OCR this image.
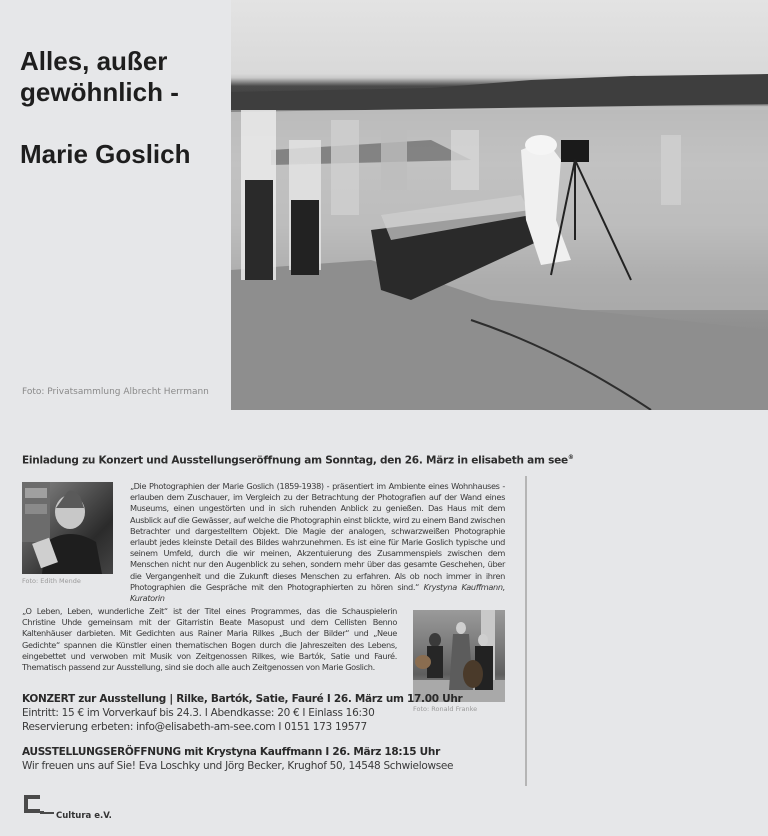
Alles, außer
gewöhnlich -
Marie Goslich
Foto: Privatsammlung Albrecht Herrmann
Einladung zu Konzert und Ausstellungseröffnung am Sonntag, den 26. März in elisabeth am see®
Foto: Edith Mende
„Die Photographien der Marie Goslich (1859-1938) - präsentiert im Ambiente eines Wohnhauses - erlauben dem Zuschauer, im Vergleich zu der Betrachtung der Photografien auf der Wand eines Museums, einen ungestörten und in sich ruhenden Anblick zu genießen. Das Haus mit dem Ausblick auf die Gewässer, auf welche die Photographin einst blickte, wird zu einem Band zwischen Betrachter und dargestelltem Objekt. Die Magie der analogen, schwarzweißen Photographie erlaubt jedes kleinste Detail des Bildes wahrzunehmen. Es ist eine für Marie Goslich typische und seinem Umfeld, durch die wir meinen, Akzentuierung des Zusammenspiels zwischen dem Menschen nicht nur den Augenblick zu sehen, sondern mehr über das gesamte Geschehen, über die Vergangenheit und die Zukunft dieses Menschen zu erfahren. Als ob noch immer in ihren Photographien die Gespräche mit den Photographierten zu hören sind.“ Krystyna Kauffmann, Kuratorin
„O Leben, Leben, wunderliche Zeit“ ist der Titel eines Programmes, das die Schauspielerin Christine Uhde gemeinsam mit der Gitarristin Beate Masopust und dem Cellisten Benno Kaltenhäuser darbieten. Mit Gedichten aus Rainer Maria Rilkes „Buch der Bilder“ und „Neue Gedichte“ spannen die Künstler einen thematischen Bogen durch die Jahreszeiten des Lebens, eingebettet und verwoben mit Musik von Zeitgenossen Rilkes, wie Bartók, Satie und Fauré. Thematisch passend zur Ausstellung, sind sie doch alle auch Zeitgenossen von Marie Goslich.
Foto: Ronald Franke
KONZERT zur Ausstellung | Rilke, Bartók, Satie, Fauré I 26. März um 17.00 Uhr
Eintritt: 15 € im Vorverkauf bis 24.3. I Abendkasse: 20 € I Einlass 16:30
Reservierung erbeten: info@elisabeth-am-see.com I 0151 173 19577
AUSSTELLUNGSERÖFFNUNG mit Krystyna Kauffmann I 26. März 18:15 Uhr
Wir freuen uns auf Sie! Eva Loschky und Jörg Becker, Krughof 50, 14548 Schwielowsee
Cultura e.V.
